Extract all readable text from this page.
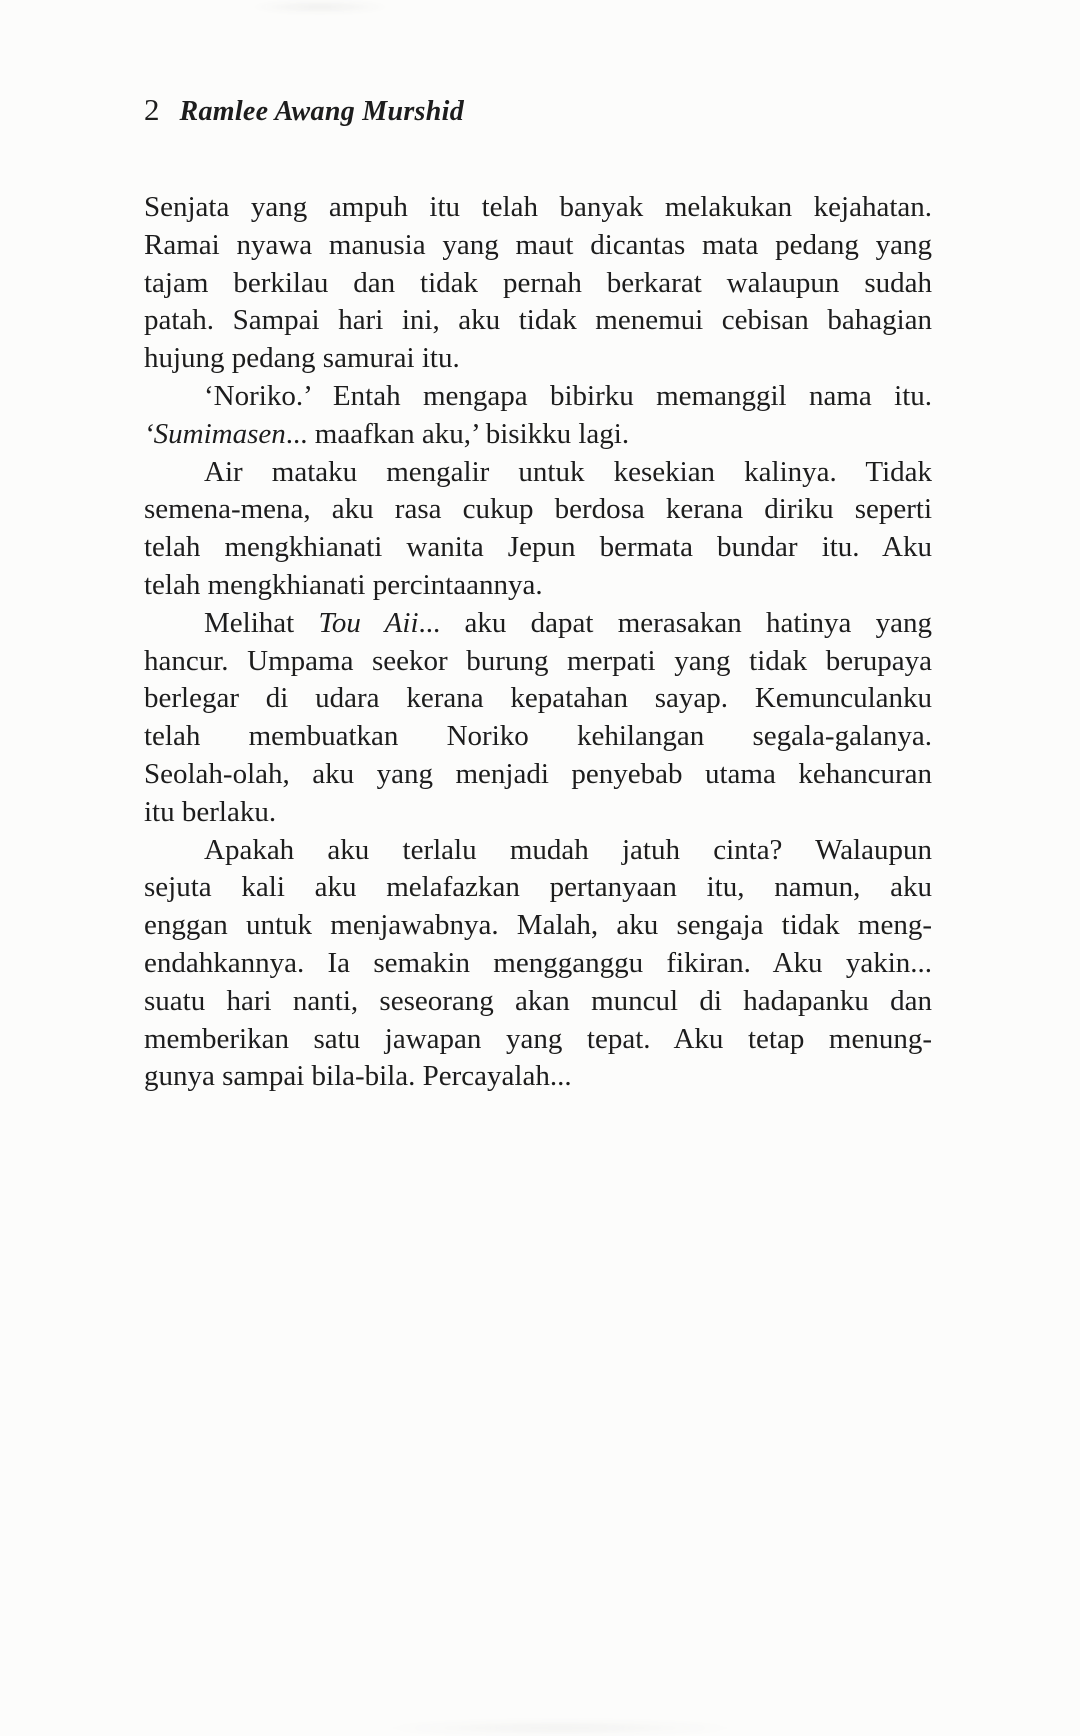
2 Ramlee Awang Murshid
Senjata yang ampuh itu telah banyak melakukan kejahatan.
Ramai nyawa manusia yang maut dicantas mata pedang yang
tajam berkilau dan tidak pernah berkarat walaupun sudah
patah. Sampai hari ini, aku tidak menemui cebisan bahagian
hujung pedang samurai itu.
‘Noriko.’ Entah mengapa bibirku memanggil nama itu.
‘Sumimasen... maafkan aku,’ bisikku lagi.
Air mataku mengalir untuk kesekian kalinya. Tidak
semena-mena, aku rasa cukup berdosa kerana diriku seperti
telah mengkhianati wanita Jepun bermata bundar itu. Aku
telah mengkhianati percintaannya.
Melihat Tou Aii... aku dapat merasakan hatinya yang
hancur. Umpama seekor burung merpati yang tidak berupaya
berlegar di udara kerana kepatahan sayap. Kemunculanku
telah membuatkan Noriko kehilangan segala-galanya.
Seolah-olah, aku yang menjadi penyebab utama kehancuran
itu berlaku.
Apakah aku terlalu mudah jatuh cinta? Walaupun
sejuta kali aku melafazkan pertanyaan itu, namun, aku
enggan untuk menjawabnya. Malah, aku sengaja tidak meng-
endahkannya. Ia semakin mengganggu fikiran. Aku yakin...
suatu hari nanti, seseorang akan muncul di hadapanku dan
memberikan satu jawapan yang tepat. Aku tetap menung-
gunya sampai bila-bila. Percayalah...
